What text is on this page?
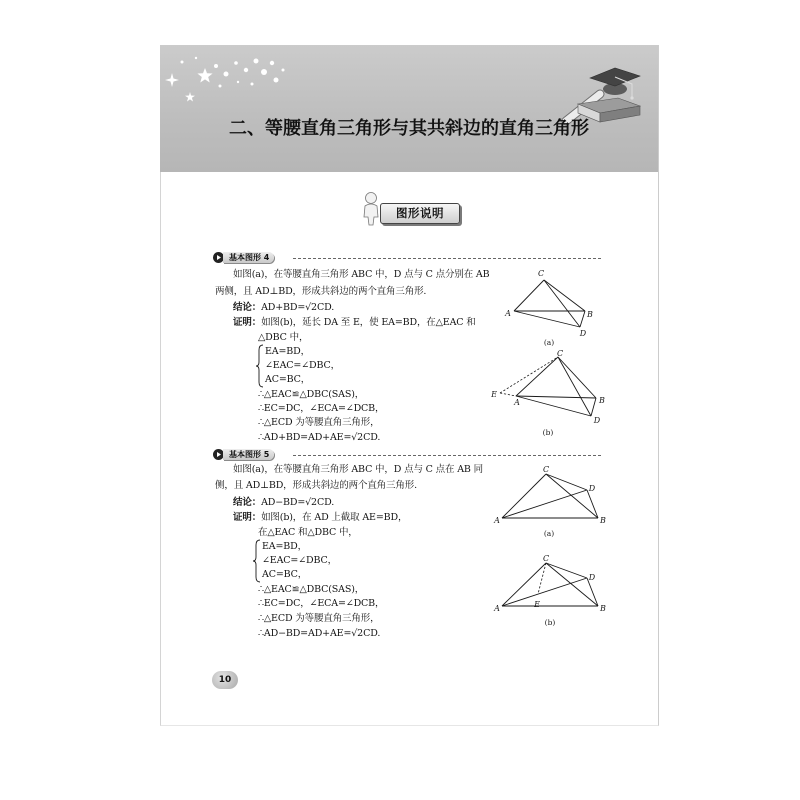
二、等腰直角三角形与其共斜边的直角三角形
图形说明
基本图形 4
如图(a)，在等腰直角三角形 ABC 中，D 点与 C 点分别在 AB
两侧，且 AD⊥BD，形成共斜边的两个直角三角形.
结论：AD+BD=√2CD.
证明：如图(b)，延长 DA 至 E，使 EA=BD，在△EAC 和
△DBC 中，
EA=BD，
∠EAC=∠DBC，
AC=BC，
∴△EAC≌△DBC(SAS)，
∴EC=DC，∠ECA=∠DCB，
∴△ECD 为等腰直角三角形，
∴AD+BD=AD+AE=√2CD.
基本图形 5
如图(a)，在等腰直角三角形 ABC 中，D 点与 C 点在 AB 同
侧，且 AD⊥BD，形成共斜边的两个直角三角形.
结论：AD−BD=√2CD.
证明：如图(b)，在 AD 上截取 AE=BD，
在△EAC 和△DBC 中，
EA=BD，
∠EAC=∠DBC，
AC=BC，
∴△EAC≌△DBC(SAS)，
∴EC=DC，∠ECA=∠DCB，
∴△ECD 为等腰直角三角形，
∴AD−BD=AD+AE=√2CD.
A	B
C
D
(a)
A	B
C
D
E
(b)
A	B
C
D
(a)
A	B
C
D
E
(b)
10
